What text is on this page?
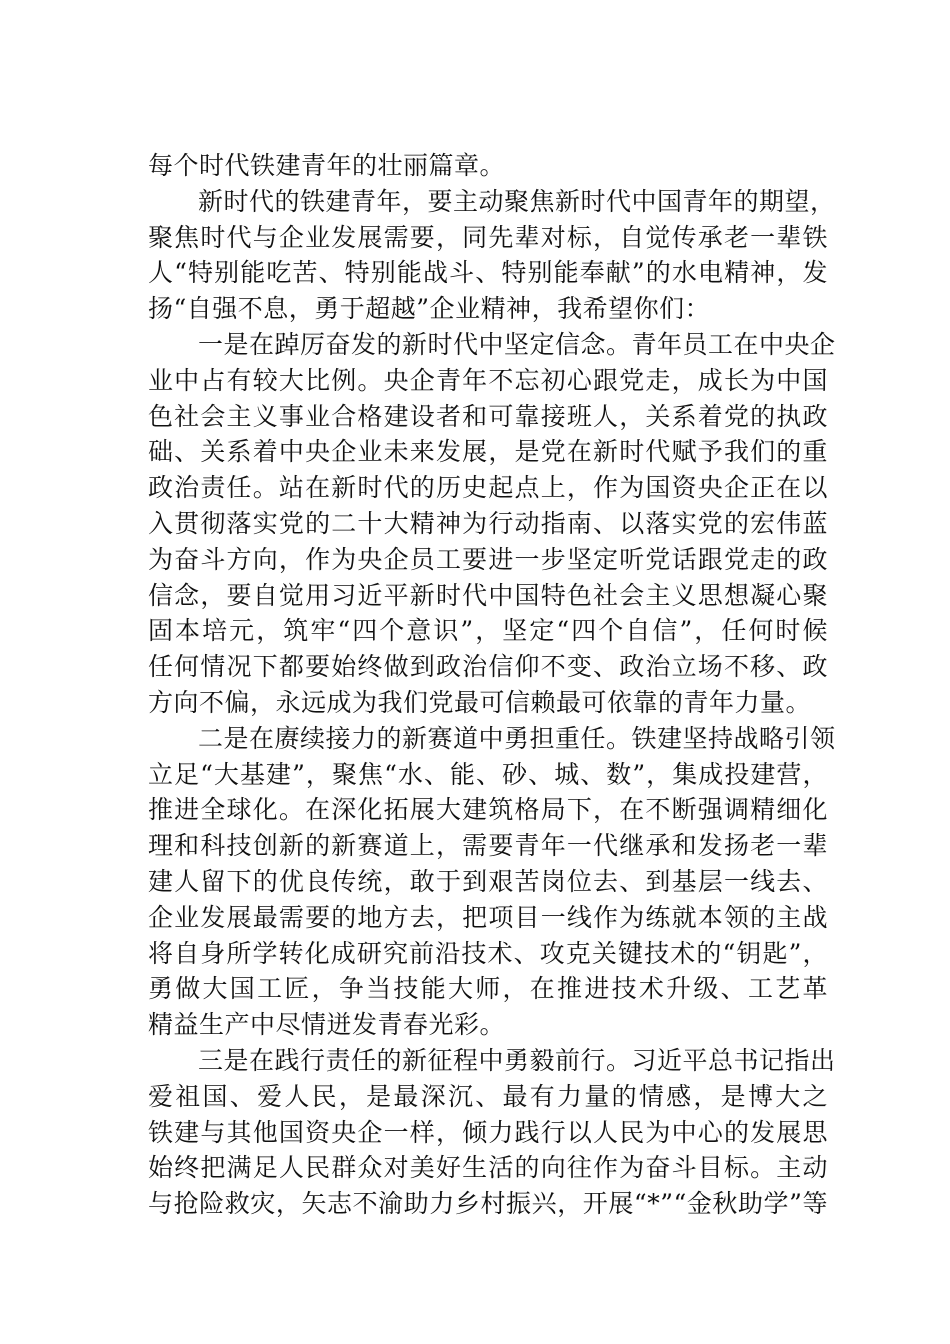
每个时代铁建青年的壮丽篇章。
新时代的铁建青年，要主动聚焦新时代中国青年的期望，
聚焦时代与企业发展需要，同先辈对标，自觉传承老一辈铁
人“特别能吃苦、特别能战斗、特别能奉献”的水电精神，发
扬“自强不息，勇于超越”企业精神，我希望你们：
一是在踔厉奋发的新时代中坚定信念。青年员工在中央企
业中占有较大比例。央企青年不忘初心跟党走，成长为中国
色社会主义事业合格建设者和可靠接班人，关系着党的执政
础、关系着中央企业未来发展，是党在新时代赋予我们的重
政治责任。站在新时代的历史起点上，作为国资央企正在以
入贯彻落实党的二十大精神为行动指南、以落实党的宏伟蓝
为奋斗方向，作为央企员工要进一步坚定听党话跟党走的政
信念，要自觉用习近平新时代中国特色社会主义思想凝心聚
固本培元，筑牢“四个意识”，坚定“四个自信”，任何时候
任何情况下都要始终做到政治信仰不变、政治立场不移、政
方向不偏，永远成为我们党最可信赖最可依靠的青年力量。
二是在赓续接力的新赛道中勇担重任。铁建坚持战略引领
立足“大基建”，聚焦“水、能、砂、城、数”，集成投建营，
推进全球化。在深化拓展大建筑格局下，在不断强调精细化
理和科技创新的新赛道上，需要青年一代继承和发扬老一辈
建人留下的优良传统，敢于到艰苦岗位去、到基层一线去、
企业发展最需要的地方去，把项目一线作为练就本领的主战
将自身所学转化成研究前沿技术、攻克关键技术的“钥匙”，
勇做大国工匠，争当技能大师，在推进技术升级、工艺革
精益生产中尽情迸发青春光彩。
三是在践行责任的新征程中勇毅前行。习近平总书记指出
爱祖国、爱人民，是最深沉、最有力量的情感，是博大之
铁建与其他国资央企一样，倾力践行以人民为中心的发展思
始终把满足人民群众对美好生活的向往作为奋斗目标。主动
与抢险救灾，矢志不渝助力乡村振兴，开展“*”“金秋助学”等
